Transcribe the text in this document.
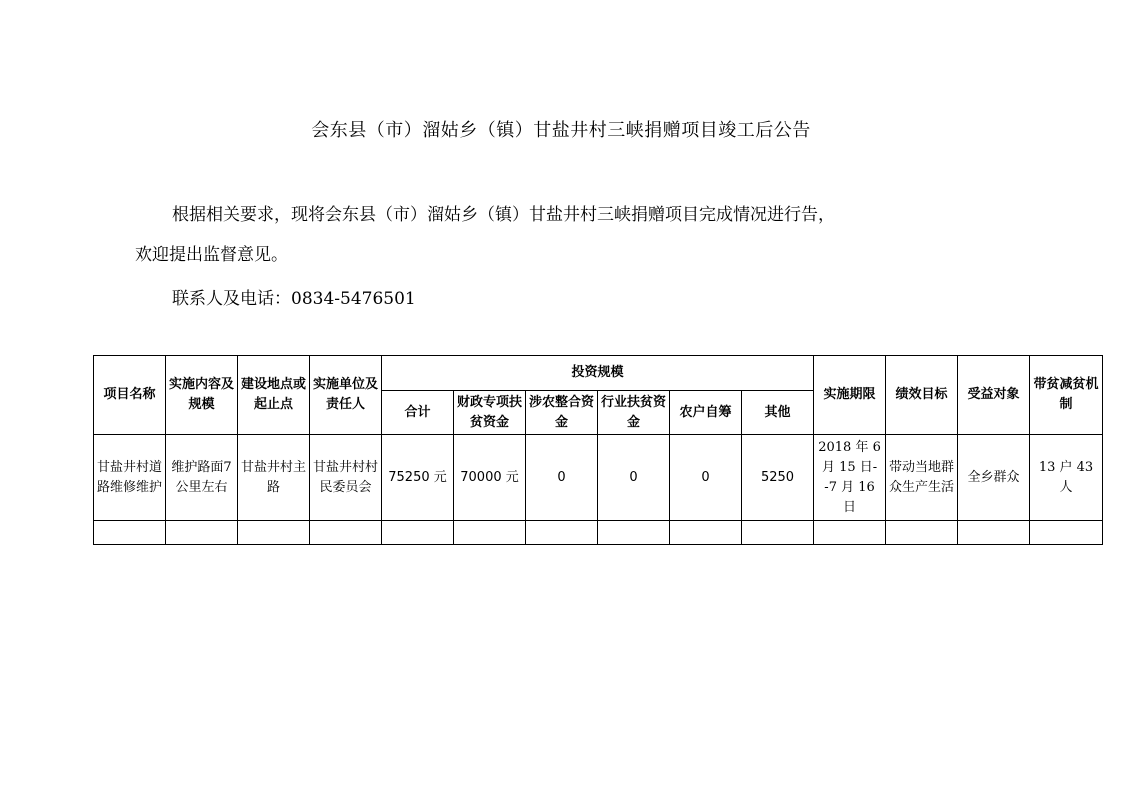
会东县（市）溜姑乡（镇）甘盐井村三峡捐赠项目竣工后公告
根据相关要求，现将会东县（市）溜姑乡（镇）甘盐井村三峡捐赠项目完成情况进行告，
欢迎提出监督意见。
联系人及电话：0834-5476501
项目名称	实施内容及规模	建设地点或起止点	实施单位及责任人	投资规模						实施期限	绩效目标	受益对象	带贫减贫机制
				合计	财政专项扶贫资金	涉农整合资金	行业扶贫资金	农户自筹	其他				
甘盐井村道路维修维护	维护路面7公里左右	甘盐井村主路	甘盐井村村民委员会	75250 元	70000 元	0	0	0	5250	2018 年 6 月 15 日--7 月 16 日	带动当地群众生产生活	全乡群众	13 户 43 人
